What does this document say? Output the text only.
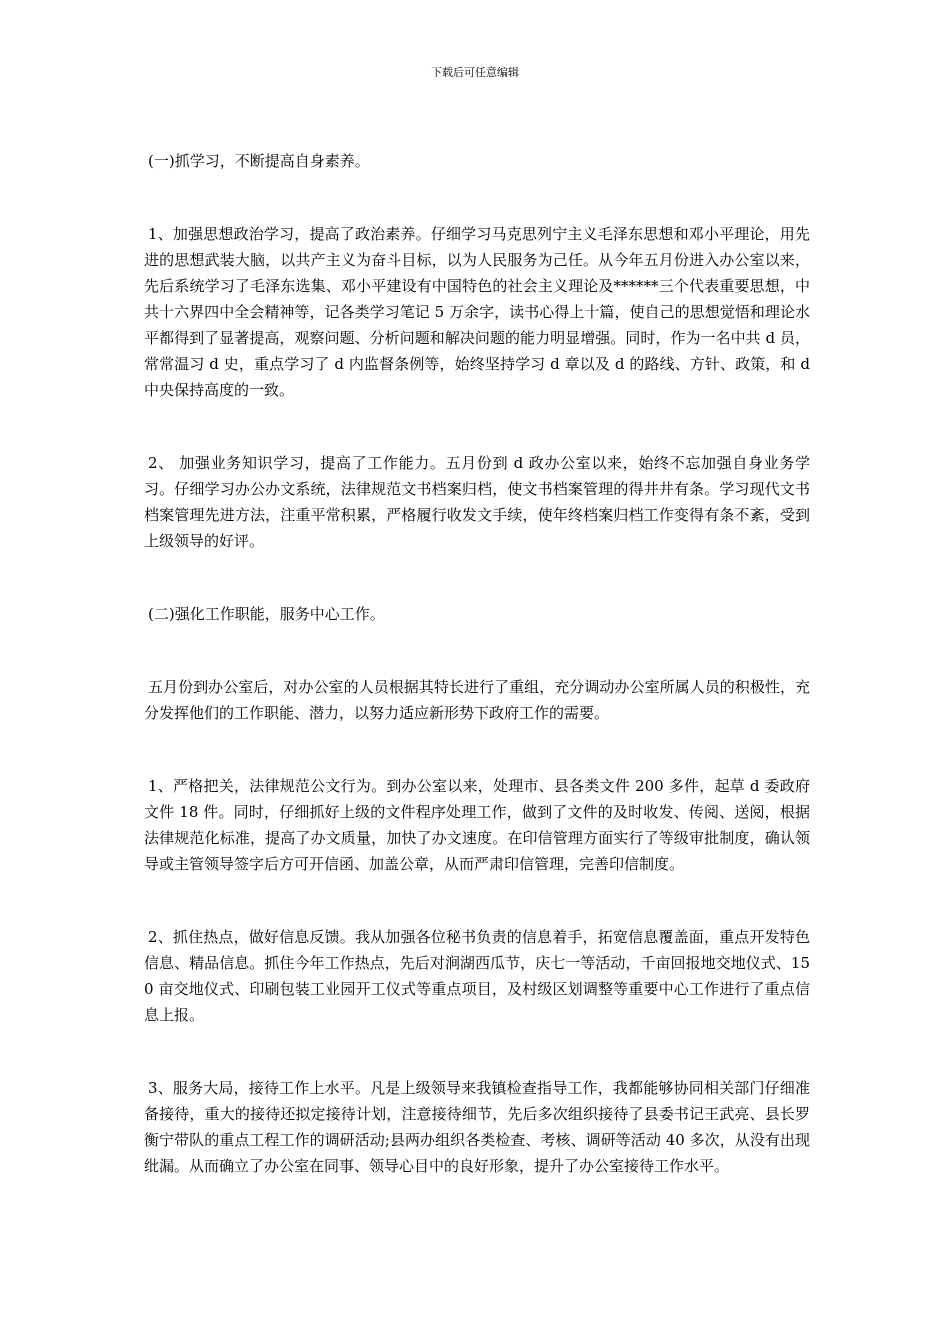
下载后可任意编辑

(一)抓学习，不断提高自身素养。

1、加强思想政治学习，提高了政治素养。仔细学习马克思列宁主义毛泽东思想和邓小平理论，用先进的思想武装大脑，以共产主义为奋斗目标，以为人民服务为己任。从今年五月份进入办公室以来，先后系统学习了毛泽东选集、邓小平建设有中国特色的社会主义理论及******三个代表重要思想，中共十六界四中全会精神等，记各类学习笔记 5 万余字，读书心得上十篇，使自己的思想觉悟和理论水平都得到了显著提高，观察问题、分析问题和解决问题的能力明显增强。同时，作为一名中共 d 员，常常温习 d 史，重点学习了 d 内监督条例等，始终坚持学习 d 章以及 d 的路线、方针、政策，和 d 中央保持高度的一致。

2、 加强业务知识学习，提高了工作能力。五月份到 d 政办公室以来，始终不忘加强自身业务学习。仔细学习办公办文系统，法律规范文书档案归档，使文书档案管理的得井井有条。学习现代文书档案管理先进方法，注重平常积累，严格履行收发文手续，使年终档案归档工作变得有条不紊，受到上级领导的好评。

(二)强化工作职能，服务中心工作。

五月份到办公室后，对办公室的人员根据其特长进行了重组，充分调动办公室所属人员的积极性，充分发挥他们的工作职能、潜力，以努力适应新形势下政府工作的需要。

1、严格把关，法律规范公文行为。到办公室以来，处理市、县各类文件 200 多件，起草 d 委政府文件 18 件。同时，仔细抓好上级的文件程序处理工作，做到了文件的及时收发、传阅、送阅，根据法律规范化标准，提高了办文质量，加快了办文速度。在印信管理方面实行了等级审批制度，确认领导或主管领导签字后方可开信函、加盖公章，从而严肃印信管理，完善印信制度。

2、抓住热点，做好信息反馈。我从加强各位秘书负责的信息着手，拓宽信息覆盖面，重点开发特色信息、精品信息。抓住今年工作热点，先后对涧湖西瓜节，庆七一等活动，千亩回报地交地仪式、150 亩交地仪式、印刷包装工业园开工仪式等重点项目，及村级区划调整等重要中心工作进行了重点信息上报。

3、服务大局，接待工作上水平。凡是上级领导来我镇检查指导工作，我都能够协同相关部门仔细准备接待，重大的接待还拟定接待计划，注意接待细节，先后多次组织接待了县委书记王武亮、县长罗衡宁带队的重点工程工作的调研活动;县两办组织各类检查、考核、调研等活动 40 多次，从没有出现纰漏。从而确立了办公室在同事、领导心目中的良好形象，提升了办公室接待工作水平。
